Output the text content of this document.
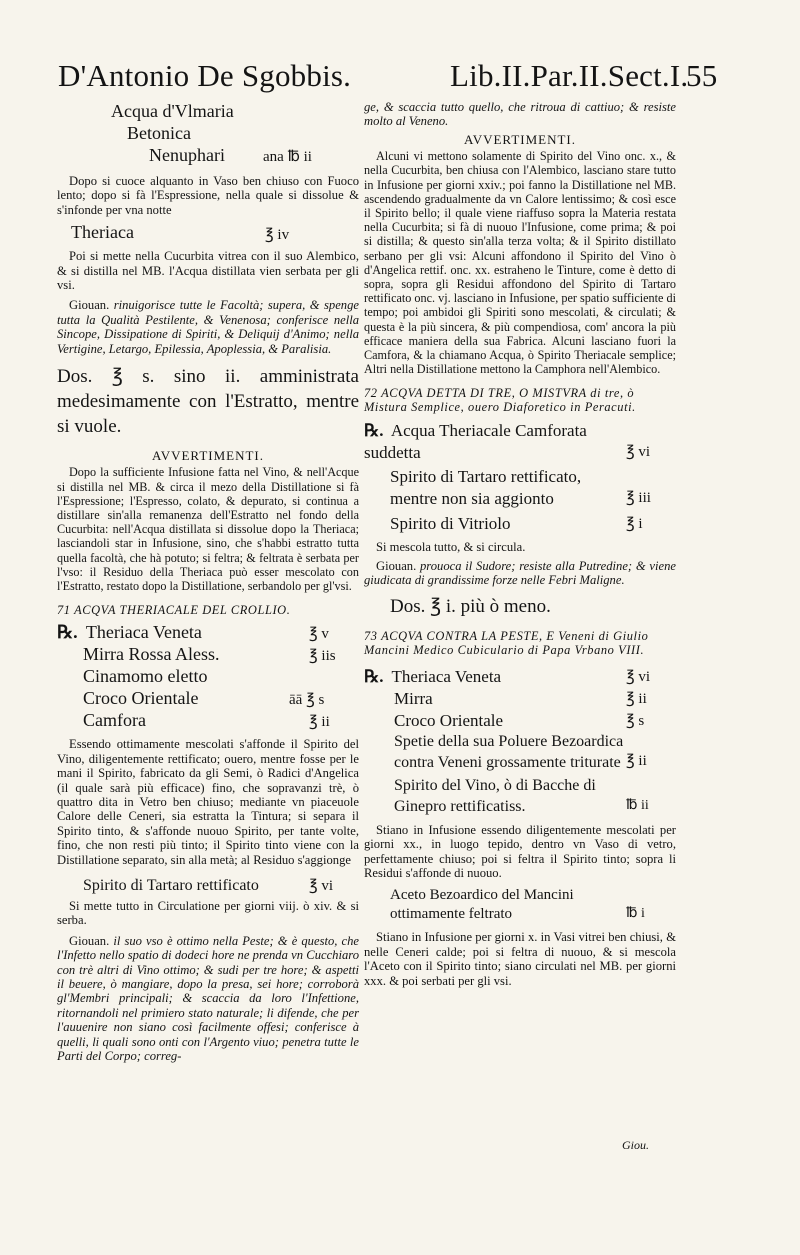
D'Antonio De Sgobbis.	Lib.II.Par.II.Sect.I.
55
Acqua d'Vlmaria
Betonica
Nenuphari	ana ℔ ii

Dopo si cuoce alquanto in Vaso ben chiuso con Fuoco lento; dopo si fà l'Espressione, nella quale si dissolue & s'infonde per vna notte

Theriaca	℥ iv

Poi si mette nella Cucurbita vitrea con il suo Alembico, & si distilla nel MB. l'Acqua distillata vien serbata per gli vsi.

Giouan. rinuigorisce tutte le Facoltà; supera, & spenge tutta la Qualità Pestilente, & Venenosa; conferisce nella Sincope, Dissipatione di Spiriti, & Deliquij d'Animo; nella Vertigine, Letargo, Epilessia, Apoplessia, & Paralisia.

Dos. ℥ s. sino ii. amministrata medesimamente con l'Estratto, mentre si vuole.

AVVERTIMENTI.

Dopo la sufficiente Infusione fatta nel Vino, & nell'Acque si distilla nel MB. & circa il mezo della Distillatione si fà l'Espressione; l'Espresso, colato, & depurato, si continua a distillare sin'alla remanenza dell'Estratto nel fondo della Cucurbita: nell'Acqua distillata si dissolue dopo la Theriaca; lasciandoli star in Infusione, sino, che s'habbi estratto tutta quella facoltà, che hà potuto; si feltra; & feltrata è serbata per l'vso: il Residuo della Theriaca può esser mescolato con l'Estratto, restato dopo la Distillatione, serbandolo per gl'vsi.

71 ACQVA THERIACALE DEL CROLLIO.
℞. Theriaca Veneta	℥ v
Mirra Rossa Aless.	℥ iis
Cinamomo eletto
Croco Orientale	āā ℥ s
Camfora	℥ ii

Essendo ottimamente mescolati s'affonde il Spirito del Vino, diligentemente rettificato; ouero, mentre fosse per le mani il Spirito, fabricato da gli Semi, ò Radici d'Angelica (il quale sarà più efficace) fino, che sopravanzi trè, ò quattro dita in Vetro ben chiuso; mediante vn piaceuole Calore delle Ceneri, sia estratta la Tintura; si separa il Spirito tinto, & s'affonde nuouo Spirito, per tante volte, fino, che non resti più tinto; il Spirito tinto viene con la Distillatione separato, sin alla metà; al Residuo s'aggionge

Spirito di Tartaro rettificato	℥ vi

Si mette tutto in Circulatione per giorni viij. ò xiv. & si serba.

Giouan. il suo vso è ottimo nella Peste; & è questo, che l'Infetto nello spatio di dodeci hore ne prenda vn Cucchiaro con trè altri di Vino ottimo; & sudi per tre hore; & aspetti il beuere, ò mangiare, dopo la presa, sei hore; corroborà gl'Membri principali; & scaccia da loro l'Infettione, ritornandoli nel primiero stato naturale; li difende, che per l'auuenire non siano così facilmente offesi; conferisce à quelli, li quali sono onti con l'Argento viuo; penetra tutte le Parti del Corpo; correg-

ge, & scaccia tutto quello, che ritroua di cattiuo; & resiste molto al Veneno.

AVVERTIMENTI.

Alcuni vi mettono solamente di Spirito del Vino onc. x., & nella Cucurbita, ben chiusa con l'Alembico, lasciano stare tutto in Infusione per giorni xxiv.; poi fanno la Distillatione nel MB. ascendendo gradualmente da vn Calore lentissimo; & così esce il Spirito bello; il quale viene riaffuso sopra la Materia restata nella Cucurbita; si fà di nuouo l'Infusione, come prima; & poi si distilla; & questo sin'alla terza volta; & il Spirito distillato serbano per gli vsi: Alcuni affondono il Spirito del Vino ò d'Angelica rettif. onc. xx. estraheno le Tinture, come è detto di sopra, sopra gli Residui affondono del Spirito di Tartaro rettificato onc. vj. lasciano in Infusione, per spatio sufficiente di tempo; poi ambidoi gli Spiriti sono mescolati, & circulati; & questa è la più sincera, & più compendiosa, com' ancora la più efficace maniera della sua Fabrica. Alcuni lasciano fuori la Camfora, & la chiamano Acqua, ò Spirito Theriacale semplice; Altri nella Distillatione mettono la Camphora nell'Alembico.

72 ACQVA DETTA DI TRE, O MISTVRA di tre, ò Mistura Semplice, ouero Diaforetico in Peracuti.
℞. Acqua Theriacale Camforata suddetta	℥ vi
Spirito di Tartaro rettificato, mentre non sia aggionto	℥ iii
Spirito di Vitriolo	℥ i

Si mescola tutto, & si circula.

Giouan. prouoca il Sudore; resiste alla Putredine; & viene giudicata di grandissime forze nelle Febri Maligne.

Dos. ℥ i. più ò meno.

73 ACQVA CONTRA LA PESTE, E Veneni di Giulio Mancini Medico Cubiculario di Papa Vrbano VIII.
℞. Theriaca Veneta	℥ vi
Mirra	℥ ii
Croco Orientale	℥ s
Spetie della sua Poluere Bezoardica contra Veneni grossamente triturate ℥ ii
Spirito del Vino, ò di Bacche di Ginepro rettificatiss.	℔ ii

Stiano in Infusione essendo diligentemente mescolati per giorni xx., in luogo tepido, dentro vn Vaso di vetro, perfettamente chiuso; poi si feltra il Spirito tinto; sopra li Residui s'affonde di nuouo.

Aceto Bezoardico del Mancini ottimamente feltrato	℔ i

Stiano in Infusione per giorni x. in Vasi vitrei ben chiusi, & nelle Ceneri calde; poi si feltra di nuouo, & si mescola l'Aceto con il Spirito tinto; siano circulati nel MB. per giorni xxx. & poi serbati per gli vsi.

Giou.
